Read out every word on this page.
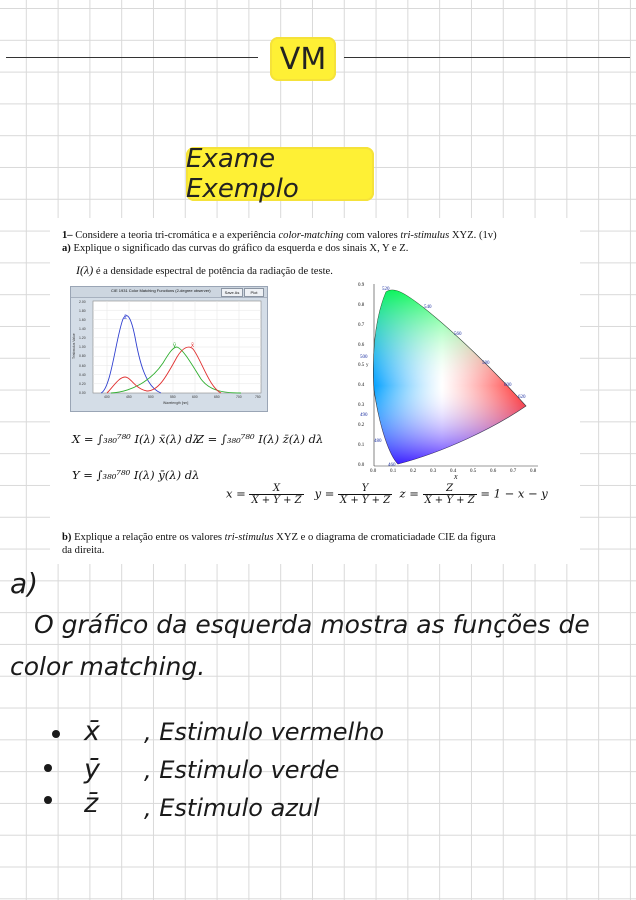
VM
Exame Exemplo
1– Considere a teoria tri-cromática e a experiência color-matching com valores tri-stimulus XYZ. (1v)
a) Explique o significado das curvas do gráfico da esquerda e dos sinais X, Y e Z.
I(λ) é a densidade espectral de potência da radiação de teste.
CIE 1931 Color Matching Functions (2-degree observer)	Save As	Plot
z̄
ȳ	x̄
2.00
1.80
1.60
1.40
1.20
1.00
0.80
0.60
0.40
0.20
0.00
400	450	500	550	600	650	700	750
Wavelength [nm]
Tristimulus Value
520
540
560
580
600
620
500
490
480
460
0.9
0.8
0.7
0.6
0.5
0.4
0.3
0.2
0.1
0.0
y
0.0	0.1	0.2	0.3	0.4	0.5	0.6	0.7	0.8
x
X = ∫₃₈₀⁷⁸⁰ I(λ) x̄(λ) dλ
Z = ∫₃₈₀⁷⁸⁰ I(λ) z̄(λ) dλ
Y = ∫₃₈₀⁷⁸⁰ I(λ) ȳ(λ) dλ
$x = \frac{X}{X + Y + Z}$ $y = \frac{Y}{X + Y + Z}$ $z = \frac{Z}{X + Y + Z} = 1 - x - y$
b) Explique a relação entre os valores tri-stimulus XYZ e o diagrama de cromaticiadade CIE da figura
da direita.
a)
O gráfico da esquerda mostra as funções de
color matching.
x̄ , Estimulo vermelho
ȳ , Estimulo verde
z̄ , Estimulo azul
